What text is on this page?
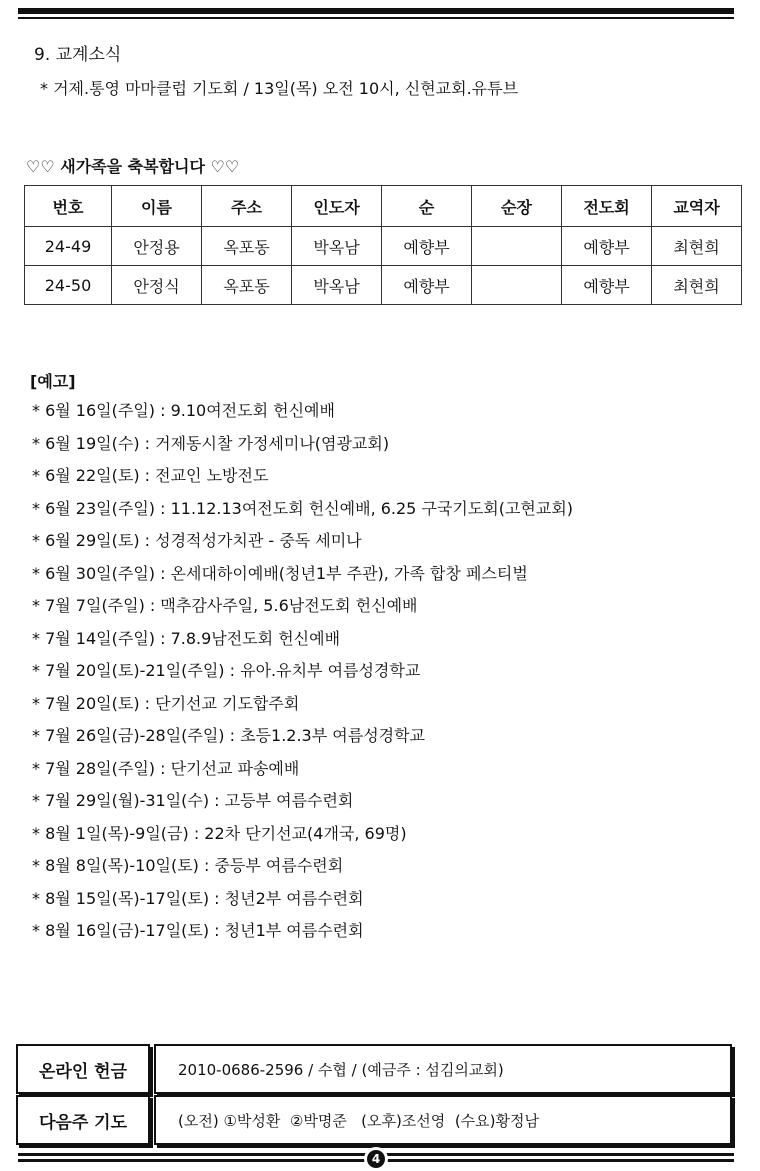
9. 교계소식
* 거제.통영 마마클럽 기도회 / 13일(목) 오전 10시, 신현교회.유튜브
♡♡ 새가족을 축복합니다 ♡♡
번호	이름	주소	인도자	순	순장	전도회	교역자
24-49	안정용	옥포동	박옥남	예향부		예향부	최현희
24-50	안정식	옥포동	박옥남	예향부		예향부	최현희
[예고]
* 6월 16일(주일) : 9.10여전도회 헌신예배
* 6월 19일(수) : 거제동시찰 가정세미나(염광교회)
* 6월 22일(토) : 전교인 노방전도
* 6월 23일(주일) : 11.12.13여전도회 헌신예배, 6.25 구국기도회(고현교회)
* 6월 29일(토) : 성경적성가치관 - 중독 세미나
* 6월 30일(주일) : 온세대하이예배(청년1부 주관), 가족 합창 페스티벌
* 7월 7일(주일) : 맥추감사주일, 5.6남전도회 헌신예배
* 7월 14일(주일) : 7.8.9남전도회 헌신예배
* 7월 20일(토)-21일(주일) : 유아.유치부 여름성경학교
* 7월 20일(토) : 단기선교 기도합주회
* 7월 26일(금)-28일(주일) : 초등1.2.3부 여름성경학교
* 7월 28일(주일) : 단기선교 파송예배
* 7월 29일(월)-31일(수) : 고등부 여름수련회
* 8월 1일(목)-9일(금) : 22차 단기선교(4개국, 69명)
* 8월 8일(목)-10일(토) : 중등부 여름수련회
* 8월 15일(목)-17일(토) : 청년2부 여름수련회
* 8월 16일(금)-17일(토) : 청년1부 여름수련회
온라인 헌금	2010-0686-2596 / 수협 / (예금주 : 섬김의교회)
다음주 기도	(오전) ①박성환  ②박명준   (오후)조선영  (수요)황정남
4
